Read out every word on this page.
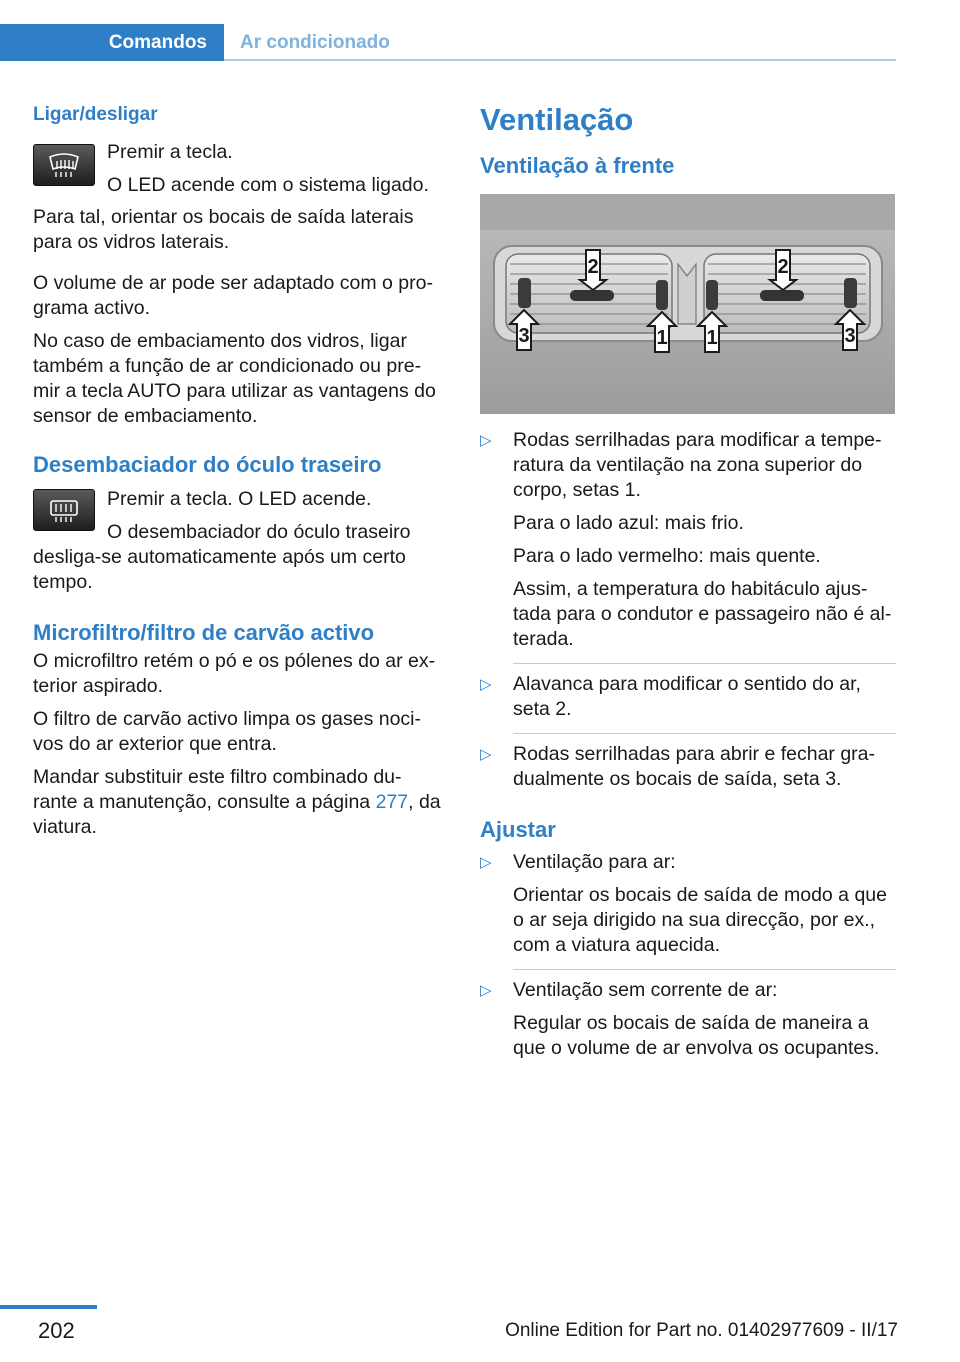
Comandos	Ar condicionado
Ligar/desligar

Premir a tecla.

O LED acende com o sistema ligado.

Para tal, orientar os bocais de saída laterais para os vidros laterais.

O volume de ar pode ser adaptado com o pro‐grama activo.

No caso de embaciamento dos vidros, ligar também a função de ar condicionado ou pre‐mir a tecla AUTO para utilizar as vantagens do sensor de embaciamento.

Desembaciador do óculo traseiro

Premir a tecla. O LED acende.

O desembaciador do óculo traseiro

desliga-se automaticamente após um certo tempo.

Microfiltro/filtro de carvão activo

O microfiltro retém o pó e os pólenes do ar ex‐terior aspirado.

O filtro de carvão activo limpa os gases noci‐vos do ar exterior que entra.

Mandar substituir este filtro combinado du‐rante a manutenção, consulte a página 277, da viatura.

Ventilação
Ventilação à frente
2	2
3	3
1 1
▷ Rodas serrilhadas para modificar a tempe‐ratura da ventilação na zona superior do corpo, setas 1.

Para o lado azul: mais frio.

Para o lado vermelho: mais quente.

Assim, a temperatura do habitáculo ajus‐tada para o condutor e passageiro não é al‐terada.

▷ Alavanca para modificar o sentido do ar, seta 2.

▷ Rodas serrilhadas para abrir e fechar gra‐dualmente os bocais de saída, seta 3.

Ajustar
▷ Ventilação para ar:

Orientar os bocais de saída de modo a que o ar seja dirigido na sua direcção, por ex., com a viatura aquecida.

▷ Ventilação sem corrente de ar:

Regular os bocais de saída de maneira a que o volume de ar envolva os ocupantes.

202	Online Edition for Part no. 01402977609 - II/17
